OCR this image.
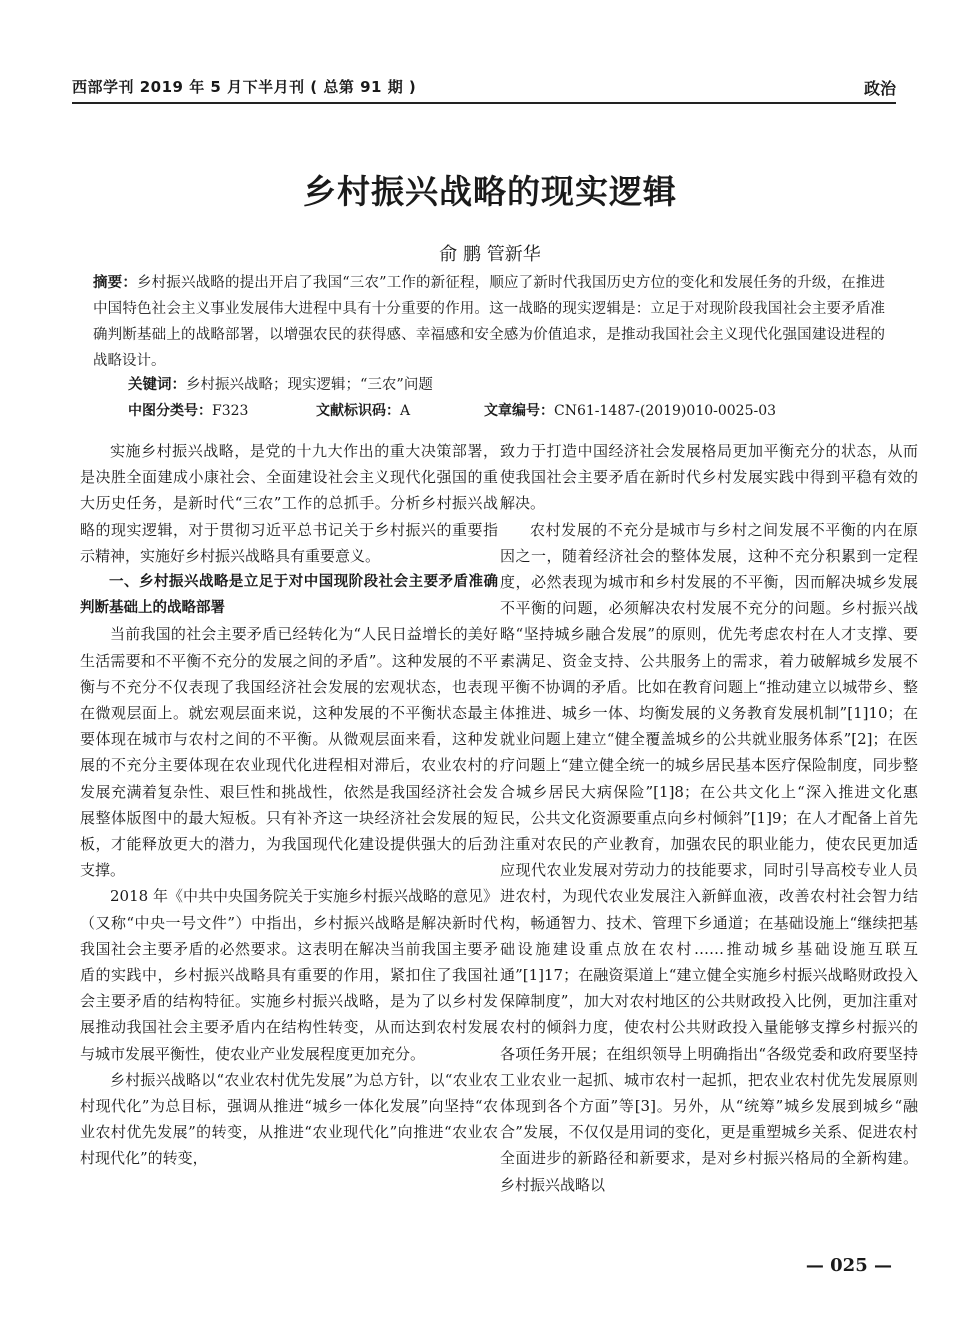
西部学刊 2019 年 5 月下半月刊 ( 总第 91 期 )	政治
乡村振兴战略的现实逻辑
俞 鹏 管新华
摘要：乡村振兴战略的提出开启了我国“三农”工作的新征程，顺应了新时代我国历史方位的变化和发展任务的升级，在推进中国特色社会主义事业发展伟大进程中具有十分重要的作用。这一战略的现实逻辑是：立足于对现阶段我国社会主要矛盾准确判断基础上的战略部署，以增强农民的获得感、幸福感和安全感为价值追求，是推动我国社会主义现代化强国建设进程的战略设计。
关键词：乡村振兴战略；现实逻辑；“三农”问题
中图分类号：F323	文献标识码：A	文章编号：CN61-1487-(2019)010-0025-03

实施乡村振兴战略，是党的十九大作出的重大决策部署，是决胜全面建成小康社会、全面建设社会主义现代化强国的重大历史任务，是新时代“三农”工作的总抓手。分析乡村振兴战略的现实逻辑，对于贯彻习近平总书记关于乡村振兴的重要指示精神，实施好乡村振兴战略具有重要意义。

一、乡村振兴战略是立足于对中国现阶段社会主要矛盾准确判断基础上的战略部署

当前我国的社会主要矛盾已经转化为“人民日益增长的美好生活需要和不平衡不充分的发展之间的矛盾”。这种发展的不平衡与不充分不仅表现了我国经济社会发展的宏观状态，也表现在微观层面上。就宏观层面来说，这种发展的不平衡状态最主要体现在城市与农村之间的不平衡。从微观层面来看，这种发展的不充分主要体现在农业现代化进程相对滞后，农业农村的发展充满着复杂性、艰巨性和挑战性，依然是我国经济社会发展整体版图中的最大短板。只有补齐这一块经济社会发展的短板，才能释放更大的潜力，为我国现代化建设提供强大的后劲支撑。

2018 年《中共中央国务院关于实施乡村振兴战略的意见》（又称“中央一号文件”）中指出，乡村振兴战略是解决新时代我国社会主要矛盾的必然要求。这表明在解决当前我国主要矛盾的实践中，乡村振兴战略具有重要的作用，紧扣住了我国社会主要矛盾的结构特征。实施乡村振兴战略，是为了以乡村发展推动我国社会主要矛盾内在结构性转变，从而达到农村发展与城市发展平衡性，使农业产业发展程度更加充分。

乡村振兴战略以“农业农村优先发展”为总方针，以“农业农村现代化”为总目标，强调从推进“城乡一体化发展”向坚持“农业农村优先发展”的转变，从推进“农业现代化”向推进“农业农村现代化”的转变，

致力于打造中国经济社会发展格局更加平衡充分的状态，从而使我国社会主要矛盾在新时代乡村发展实践中得到平稳有效的解决。

农村发展的不充分是城市与乡村之间发展不平衡的内在原因之一，随着经济社会的整体发展，这种不充分积累到一定程度，必然表现为城市和乡村发展的不平衡，因而解决城乡发展不平衡的问题，必须解决农村发展不充分的问题。乡村振兴战略“坚持城乡融合发展”的原则，优先考虑农村在人才支撑、要素满足、资金支持、公共服务上的需求，着力破解城乡发展不平衡不协调的矛盾。比如在教育问题上“推动建立以城带乡、整体推进、城乡一体、均衡发展的义务教育发展机制”[1]10；在就业问题上建立“健全覆盖城乡的公共就业服务体系”[2]；在医疗问题上“建立健全统一的城乡居民基本医疗保险制度，同步整合城乡居民大病保险”[1]8；在公共文化上“深入推进文化惠民，公共文化资源要重点向乡村倾斜”[1]9；在人才配备上首先注重对农民的产业教育，加强农民的职业能力，使农民更加适应现代农业发展对劳动力的技能要求，同时引导高校专业人员进农村，为现代农业发展注入新鲜血液，改善农村社会智力结构，畅通智力、技术、管理下乡通道；在基础设施上“继续把基础设施建设重点放在农村……推动城乡基础设施互联互通”[1]17；在融资渠道上“建立健全实施乡村振兴战略财政投入保障制度”，加大对农村地区的公共财政投入比例，更加注重对农村的倾斜力度，使农村公共财政投入量能够支撑乡村振兴的各项任务开展；在组织领导上明确指出“各级党委和政府要坚持工业农业一起抓、城市农村一起抓，把农业农村优先发展原则体现到各个方面”等[3]。另外，从“统筹”城乡发展到城乡“融合”发展，不仅仅是用词的变化，更是重塑城乡关系、促进农村全面进步的新路径和新要求，是对乡村振兴格局的全新构建。乡村振兴战略以

— 025 —
